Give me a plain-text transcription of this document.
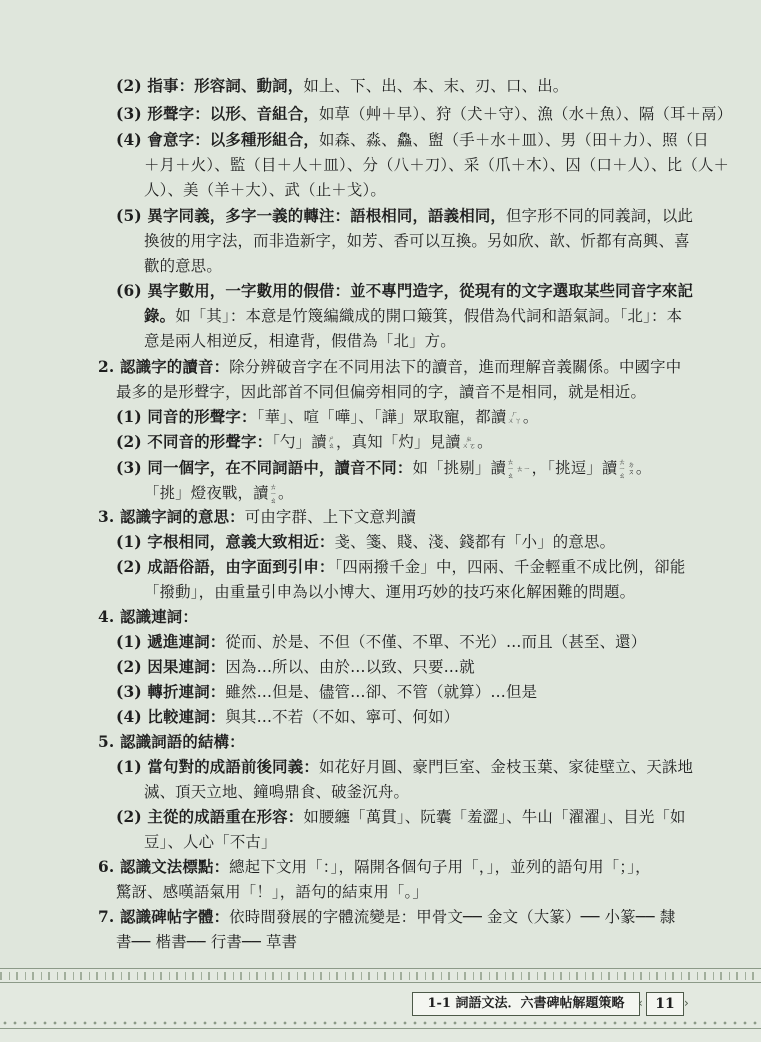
(2) 指事：形容詞、動詞，如上、下、出、本、末、刃、口、出。
(3) 形聲字：以形、音組合，如草（艸＋早）、狩（犬＋守）、漁（水＋魚）、隔（耳＋鬲）
(4) 會意字：以多種形組合，如森、淼、鱻、盥（手＋水＋皿）、男（田＋力）、照（日
＋月＋火）、監（目＋人＋皿）、分（八＋刀）、采（爪＋木）、囚（口＋人）、比（人＋
人）、美（羊＋大）、武（止＋戈）。
(5) 異字同義，多字一義的轉注：語根相同，語義相同，但字形不同的同義詞，以此
換彼的用字法，而非造新字，如芳、香可以互換。另如欣、歆、忻都有高興、喜
歡的意思。
(6) 異字數用，一字數用的假借：並不專門造字，從現有的文字選取某些同音字來記
錄。如「其」：本意是竹篾編織成的開口簸箕，假借為代詞和語氣詞。「北」：本
意是兩人相逆反，相違背，假借為「北」方。
2. 認識字的讀音：除分辨破音字在不同用法下的讀音，進而理解音義關係。中國字中
最多的是形聲字，因此部首不同但偏旁相同的字，讀音不是相同，就是相近。
(1) 同音的形聲字：「華」、喧「嘩」、「譁」眾取寵，都讀 ㄏ
ㄨㄚ 。
(2) 不同音的形聲字：「勺」讀 ㄕ
ㄠ ，真知「灼」見讀 ㄓ
ㄨㄛ 。
(3) 同一個字，在不同詞語中，讀音不同：如「挑剔」讀 ㄊ
ㄧ
ㄠ
ㄊㄧ ，「挑逗」讀 ㄊ
ㄧ
ㄠ
ㄉ
ㄡ 。
「挑」燈夜戰，讀 ㄊ
ㄧ
ㄠ 。
3. 認識字詞的意思：可由字群、上下文意判讀
(1) 字根相同，意義大致相近：戔、箋、賤、淺、錢都有「小」的意思。
(2) 成語俗語，由字面到引申：「四兩撥千金」中，四兩、千金輕重不成比例，卻能
「撥動」，由重量引申為以小博大、運用巧妙的技巧來化解困難的問題。
4. 認識連詞：
(1) 遞進連詞：從而、於是、不但（不僅、不單、不光）…而且（甚至、還）
(2) 因果連詞：因為…所以、由於…以致、只要…就
(3) 轉折連詞：雖然…但是、儘管…卻、不管（就算）…但是
(4) 比較連詞：與其…不若（不如、寧可、何如）
5. 認識詞語的結構：
(1) 當句對的成語前後同義：如花好月圓、豪門巨室、金枝玉葉、家徒壁立、天誅地
滅、頂天立地、鐘鳴鼎食、破釜沉舟。
(2) 主從的成語重在形容：如腰纏「萬貫」、阮囊「羞澀」、牛山「濯濯」、目光「如
豆」、人心「不古」
6. 認識文法標點：總起下文用「：」，隔開各個句子用「，」，並列的語句用「；」，
驚訝、感嘆語氣用「！」，語句的結束用「。」
7. 認識碑帖字體：依時間發展的字體流變是：甲骨文── 金文（大篆）── 小篆── 隸
書── 楷書── 行書── 草書
1-1 詞語文法．六書碑帖解題策略	‹ 11 ›
